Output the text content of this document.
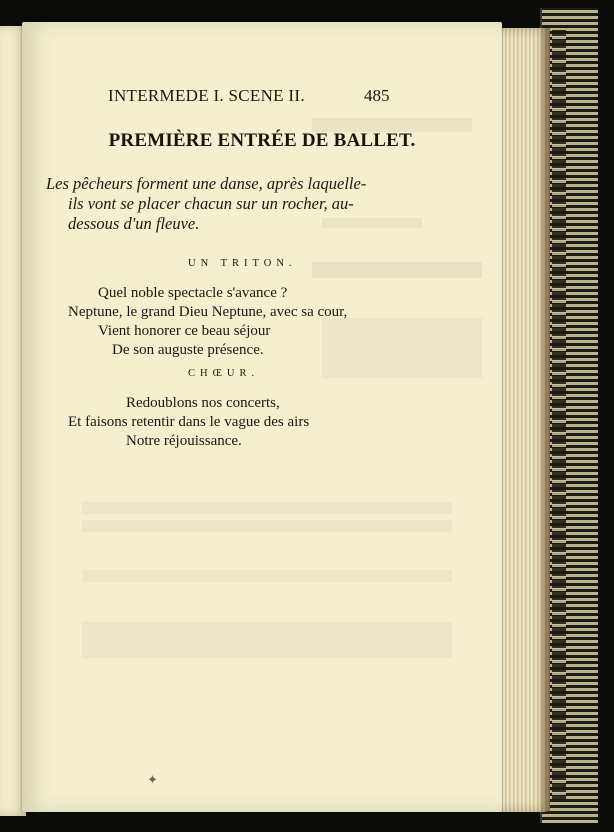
INTERMEDE I. SCENE II.	485
PREMIÈRE ENTRÉE DE BALLET.
Les pêcheurs forment une danse, après laquelle-
ils vont se placer chacun sur un rocher, au-
dessous d'un fleuve.
UN TRITON.
Quel noble spectacle s'avance ?
Neptune, le grand Dieu Neptune, avec sa cour,
Vient honorer ce beau séjour
De son auguste présence.
CHŒUR.
Redoublons nos concerts,
Et faisons retentir dans le vague des airs
Notre réjouissance.
✦
